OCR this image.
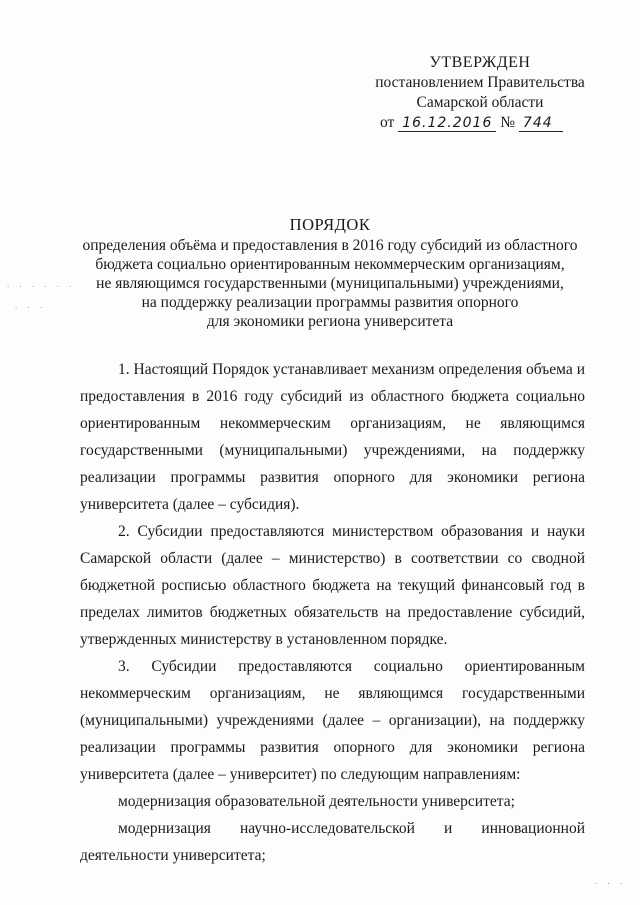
· · · · · ·
· · ·
· · ·
УТВЕРЖДЕН
постановлением Правительства
Самарской области
от 16.12.2016 № 744
ПОРЯДОК
определения объёма и предоставления в 2016 году субсидий из областного
бюджета социально ориентированным некоммерческим организациям,
не являющимся государственными (муниципальными) учреждениями,
на поддержку реализации программы развития опорного
для экономики региона университета

1. Настоящий Порядок устанавливает механизм определения объема и предоставления в 2016 году субсидий из областного бюджета социально ориентированным некоммерческим организациям, не являющимся государственными (муниципальными) учреждениями, на поддержку реализации программы развития опорного для экономики региона университета (далее – субсидия).

2. Субсидии предоставляются министерством образования и науки Самарской области (далее – министерство) в соответствии со сводной бюджетной росписью областного бюджета на текущий финансовый год в пределах лимитов бюджетных обязательств на предоставление субсидий, утвержденных министерству в установленном порядке.

3. Субсидии предоставляются социально ориентированным некоммерческим организациям, не являющимся государственными (муниципальными) учреждениями (далее – организации), на поддержку реализации программы развития опорного для экономики региона университета (далее – университет) по следующим направлениям:

модернизация образовательной деятельности университета;

модернизация научно-исследовательской и инновационной деятельности университета;
